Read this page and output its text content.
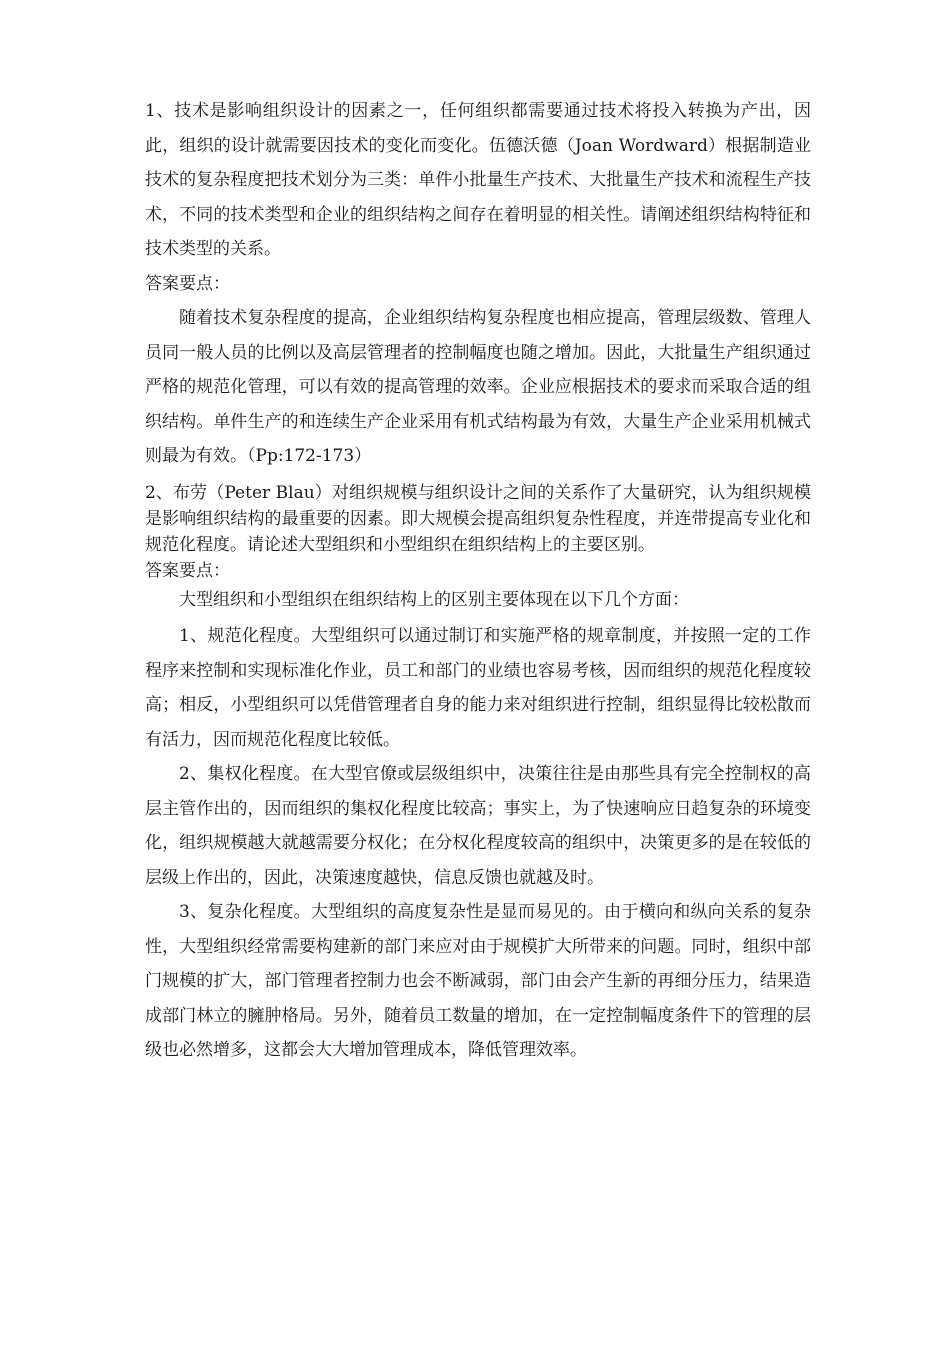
1、技术是影响组织设计的因素之一，任何组织都需要通过技术将投入转换为产出，因此，组织的设计就需要因技术的变化而变化。伍德沃德（Joan Wordward）根据制造业技术的复杂程度把技术划分为三类：单件小批量生产技术、大批量生产技术和流程生产技术，不同的技术类型和企业的组织结构之间存在着明显的相关性。请阐述组织结构特征和技术类型的关系。

答案要点：

随着技术复杂程度的提高，企业组织结构复杂程度也相应提高，管理层级数、管理人员同一般人员的比例以及高层管理者的控制幅度也随之增加。因此，大批量生产组织通过严格的规范化管理，可以有效的提高管理的效率。企业应根据技术的要求而采取合适的组织结构。单件生产的和连续生产企业采用有机式结构最为有效，大量生产企业采用机械式则最为有效。（Pp:172-173）

2、布劳（Peter Blau）对组织规模与组织设计之间的关系作了大量研究，认为组织规模是影响组织结构的最重要的因素。即大规模会提高组织复杂性程度，并连带提高专业化和规范化程度。请论述大型组织和小型组织在组织结构上的主要区别。

答案要点：

大型组织和小型组织在组织结构上的区别主要体现在以下几个方面：

1、规范化程度。大型组织可以通过制订和实施严格的规章制度，并按照一定的工作程序来控制和实现标准化作业，员工和部门的业绩也容易考核，因而组织的规范化程度较高；相反，小型组织可以凭借管理者自身的能力来对组织进行控制，组织显得比较松散而有活力，因而规范化程度比较低。

2、集权化程度。在大型官僚或层级组织中，决策往往是由那些具有完全控制权的高层主管作出的，因而组织的集权化程度比较高；事实上，为了快速响应日趋复杂的环境变化，组织规模越大就越需要分权化；在分权化程度较高的组织中，决策更多的是在较低的层级上作出的，因此，决策速度越快，信息反馈也就越及时。

3、复杂化程度。大型组织的高度复杂性是显而易见的。由于横向和纵向关系的复杂性，大型组织经常需要构建新的部门来应对由于规模扩大所带来的问题。同时，组织中部门规模的扩大，部门管理者控制力也会不断减弱，部门由会产生新的再细分压力，结果造成部门林立的臃肿格局。另外，随着员工数量的增加，在一定控制幅度条件下的管理的层级也必然增多，这都会大大增加管理成本，降低管理效率。
